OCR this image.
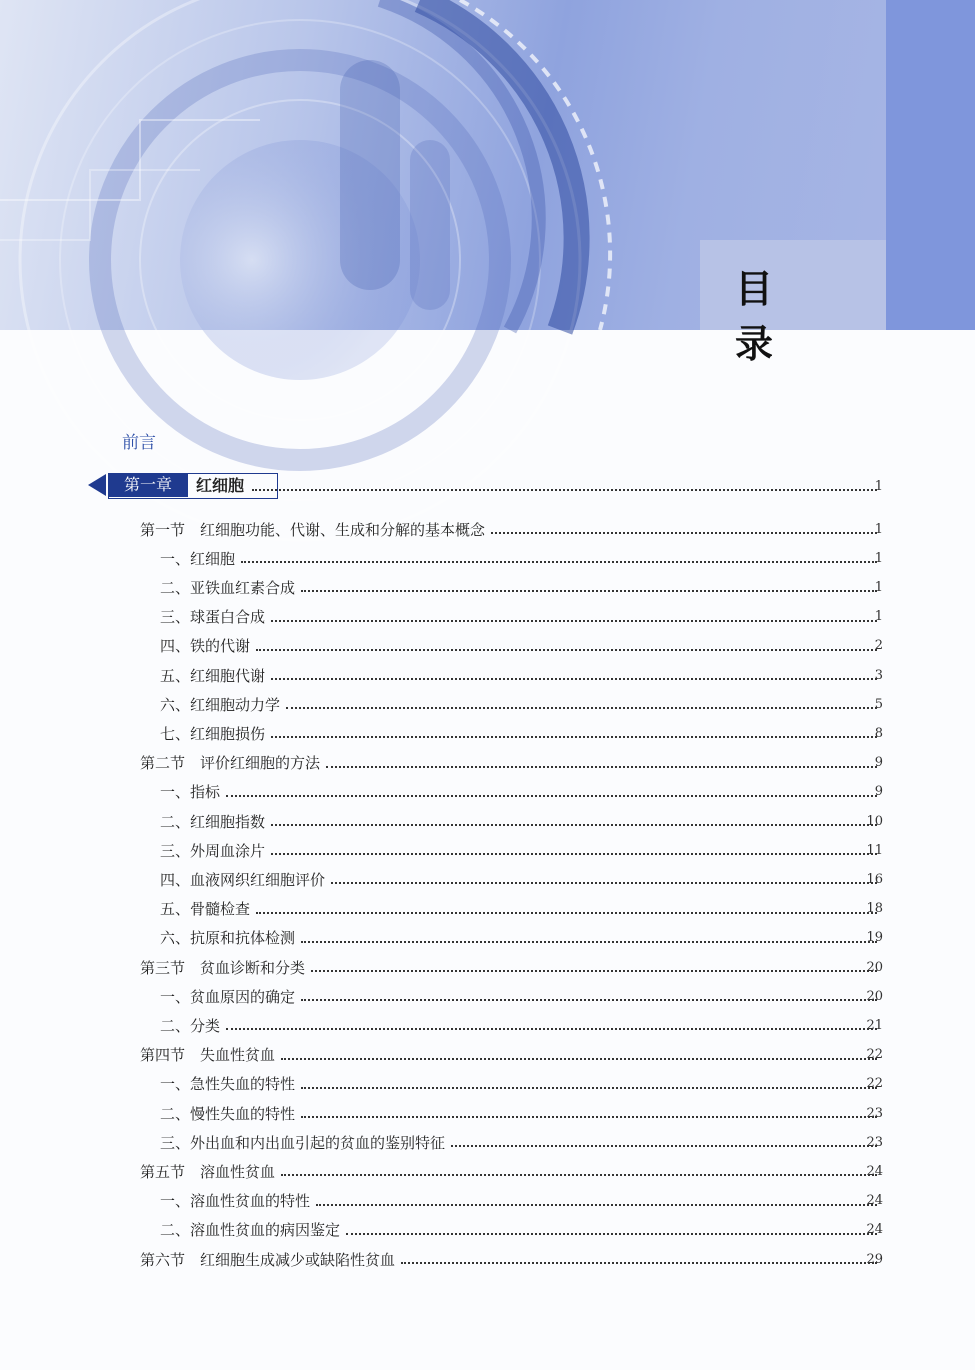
目 录
前言
第一章	红细胞	1
第一节　红细胞功能、代谢、生成和分解的基本概念	1
一、红细胞	1
二、亚铁血红素合成	1
三、球蛋白合成	1
四、铁的代谢	2
五、红细胞代谢	3
六、红细胞动力学	5
七、红细胞损伤	8
第二节　评价红细胞的方法	9
一、指标	9
二、红细胞指数	10
三、外周血涂片	11
四、血液网织红细胞评价	16
五、骨髓检查	18
六、抗原和抗体检测	19
第三节　贫血诊断和分类	20
一、贫血原因的确定	20
二、分类	21
第四节　失血性贫血	22
一、急性失血的特性	22
二、慢性失血的特性	23
三、外出血和内出血引起的贫血的鉴别特征	23
第五节　溶血性贫血	24
一、溶血性贫血的特性	24
二、溶血性贫血的病因鉴定	24
第六节　红细胞生成减少或缺陷性贫血	29
